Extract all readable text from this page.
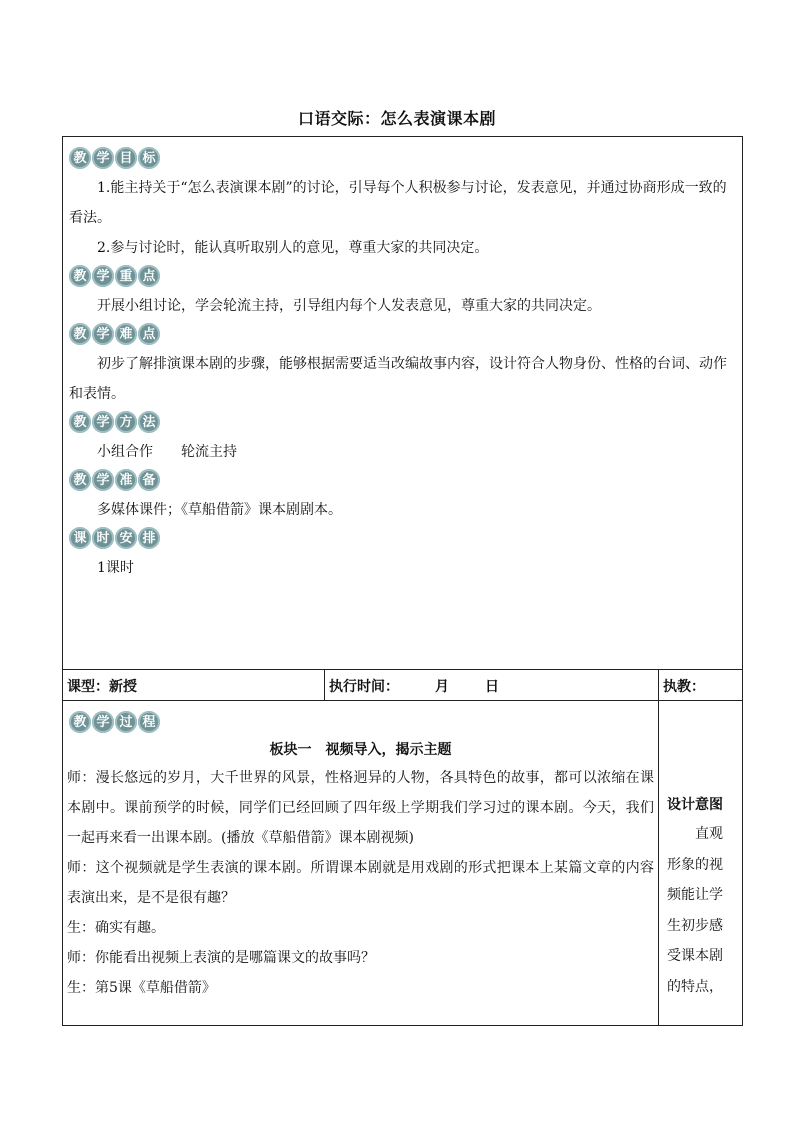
口语交际：怎么表演课本剧
教 学 目 标

1.能主持关于“怎么表演课本剧”的讨论，引导每个人积极参与讨论，发表意见，并通过协商形成一致的看法。

2.参与讨论时，能认真听取别人的意见，尊重大家的共同决定。

教 学 重 点

开展小组讨论，学会轮流主持，引导组内每个人发表意见，尊重大家的共同决定。

教 学 难 点

初步了解排演课本剧的步骤，能够根据需要适当改编故事内容，设计符合人物身份、性格的台词、动作和表情。

教 学 方 法

小组合作 轮流主持

教 学 准 备

多媒体课件；《草船借箭》课本剧剧本。

课 时 安 排

1课时

课型：新授	执行时间：	月	日	执教：
教 学 过 程

板块一　视频导入，揭示主题

师：漫长悠远的岁月，大千世界的风景，性格迥异的人物，各具特色的故事，都可以浓缩在课本剧中。课前预学的时候，同学们已经回顾了四年级上学期我们学习过的课本剧。今天，我们一起再来看一出课本剧。(播放《草船借箭》课本剧视频)

师：这个视频就是学生表演的课本剧。所谓课本剧就是用戏剧的形式把课本上某篇文章的内容表演出来，是不是很有趣？

生：确实有趣。

师：你能看出视频上表演的是哪篇课文的故事吗？

生：第5课《草船借箭》

设计意图

直观形象的视频能让学生初步感受课本剧的特点，
